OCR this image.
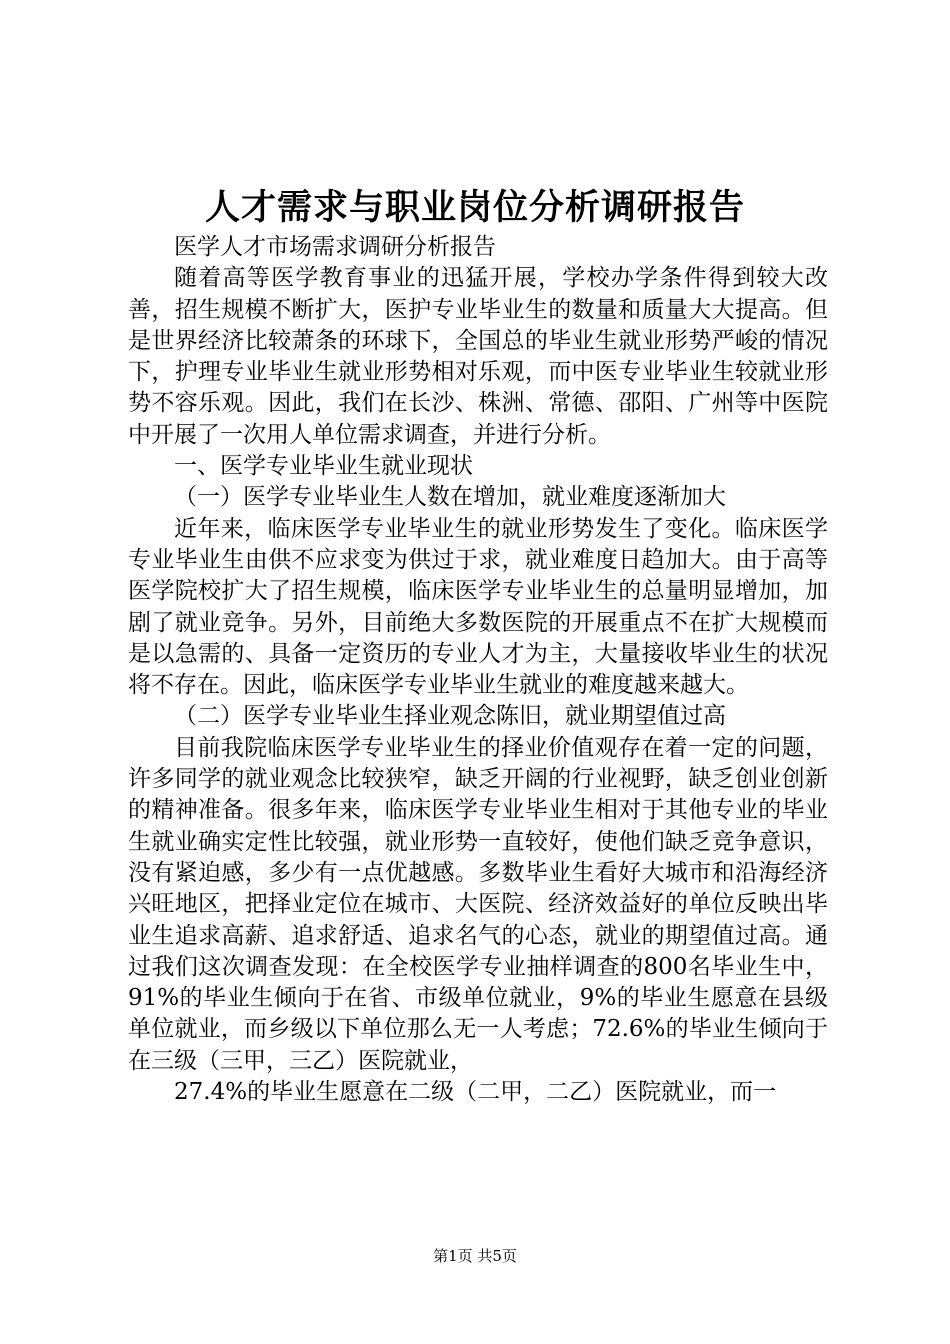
人才需求与职业岗位分析调研报告

医学人才市场需求调研分析报告

随着高等医学教育事业的迅猛开展，学校办学条件得到较大改善，招生规模不断扩大，医护专业毕业生的数量和质量大大提高。但是世界经济比较萧条的环球下，全国总的毕业生就业形势严峻的情况下，护理专业毕业生就业形势相对乐观，而中医专业毕业生较就业形势不容乐观。因此，我们在长沙、株洲、常德、邵阳、广州等中医院中开展了一次用人单位需求调查，并进行分析。

一、医学专业毕业生就业现状

（一）医学专业毕业生人数在增加，就业难度逐渐加大

近年来，临床医学专业毕业生的就业形势发生了变化。临床医学专业毕业生由供不应求变为供过于求，就业难度日趋加大。由于高等医学院校扩大了招生规模，临床医学专业毕业生的总量明显增加，加剧了就业竞争。另外，目前绝大多数医院的开展重点不在扩大规模而是以急需的、具备一定资历的专业人才为主，大量接收毕业生的状况将不存在。因此，临床医学专业毕业生就业的难度越来越大。

（二）医学专业毕业生择业观念陈旧，就业期望值过高

目前我院临床医学专业毕业生的择业价值观存在着一定的问题，许多同学的就业观念比较狭窄，缺乏开阔的行业视野，缺乏创业创新的精神准备。很多年来，临床医学专业毕业生相对于其他专业的毕业生就业确实定性比较强，就业形势一直较好，使他们缺乏竞争意识，没有紧迫感，多少有一点优越感。多数毕业生看好大城市和沿海经济兴旺地区，把择业定位在城市、大医院、经济效益好的单位反映出毕业生追求高薪、追求舒适、追求名气的心态，就业的期望值过高。通过我们这次调查发现：在全校医学专业抽样调查的800名毕业生中，91%的毕业生倾向于在省、市级单位就业，9%的毕业生愿意在县级单位就业，而乡级以下单位那么无一人考虑；72.6%的毕业生倾向于在三级（三甲，三乙）医院就业，

27.4%的毕业生愿意在二级（二甲，二乙）医院就业，而一

第1页 共5页
